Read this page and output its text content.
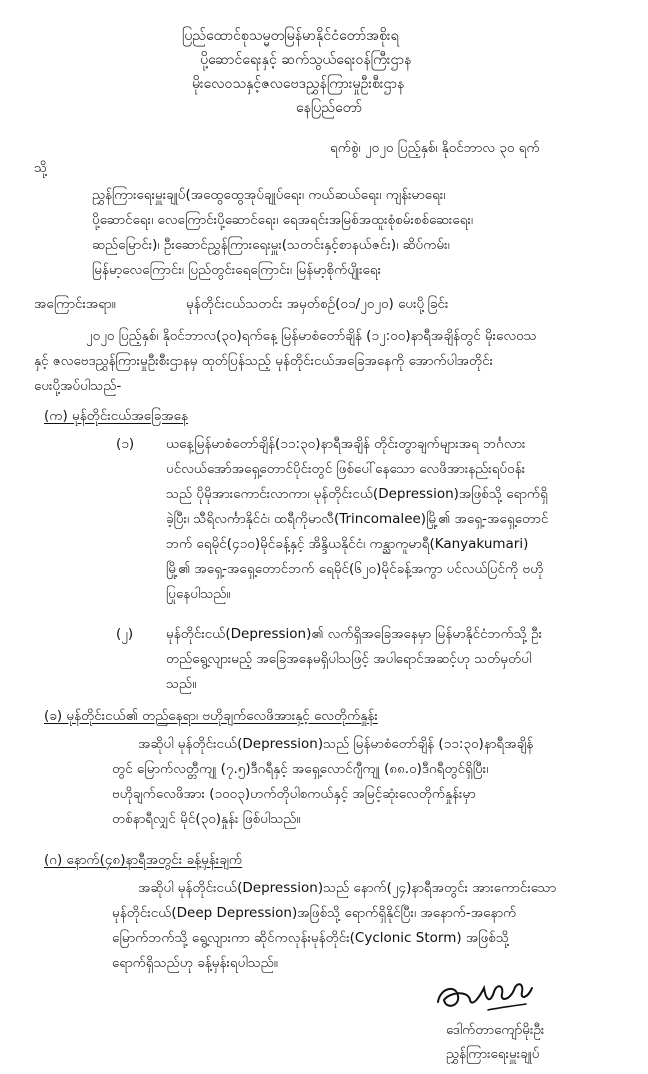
ပြည်ထောင်စုသမ္မတမြန်မာနိုင်ငံတော်အစိုးရ
ပို့ဆောင်ရေးနှင့် ဆက်သွယ်ရေးဝန်ကြီးဌာန
မိုးလေဝသနှင့်ဇလဗေဒညွှန်ကြားမှုဦးစီးဌာန
နေပြည်တော်
ရက်စွဲ၊ ၂၀၂၀ ပြည့်နှစ်၊ နိုဝင်ဘာလ ၃၀ ရက်
သို့
ညွှန်ကြားရေးမှူးချုပ်(အထွေထွေအုပ်ချုပ်ရေး၊ ကယ်ဆယ်ရေး၊ ကျန်းမာရေး၊
ပို့ဆောင်ရေး၊ လေကြောင်းပို့ဆောင်ရေး၊ ရေအရင်းအမြစ်အထူးစုံစမ်းစစ်ဆေးရေး၊
ဆည်မြောင်း)၊ ဦးဆောင်ညွှန်ကြားရေးမှူး(သတင်းနှင့်စာနယ်ဇင်း)၊ ဆိပ်ကမ်း၊
မြန်မာ့လေကြောင်း၊ ပြည်တွင်းရေကြောင်း၊ မြန်မာ့စိုက်ပျိုးရေး
အကြောင်းအရာ။	မုန်တိုင်းငယ်သတင်း အမှတ်စဉ်(၀၁/၂၀၂၀) ပေးပို့ခြင်း
၂၀၂၀ ပြည့်နှစ်၊ နိုဝင်ဘာလ(၃၀)ရက်နေ့ မြန်မာစံတော်ချိန် (၁၂:၀၀)နာရီအချိန်တွင် မိုးလေဝသ
နှင့် ဇလဗေဒညွှန်ကြားမှုဦးစီးဌာနမှ ထုတ်ပြန်သည့် မုန်တိုင်းငယ်အခြေအနေကို အောက်ပါအတိုင်း
ပေးပို့အပ်ပါသည်-
(က) မုန်တိုင်းငယ်အခြေအနေ
(၁) ယနေ့မြန်မာစံတော်ချိန်(၁၁:၃၀)နာရီအချိန် တိုင်းတွာချက်များအရ ဘင်္ဂလား
ပင်လယ်အော်အရှေ့တောင်ပိုင်းတွင် ဖြစ်ပေါ်နေသော လေဖိအားနည်းရပ်ဝန်း
သည် ပိုမိုအားကောင်းလာကာ၊ မုန်တိုင်းငယ်(Depression)အဖြစ်သို့ ရောက်ရှိ
ခဲ့ပြီး၊ သီရိလင်္ကာနိုင်ငံ၊ ထရီကိုမာလီ(Trincomalee)မြို့၏ အရှေ့-အရှေ့တောင်
ဘက် ရေမိုင်(၄၁၀)မိုင်ခန့်နှင့် အိန္ဒိယနိုင်ငံ၊ ကန္ညာကူမာရီ(Kanyakumari)
မြို့၏ အရှေ့-အရှေ့တောင်ဘက် ရေမိုင်(၆၂၀)မိုင်ခန့်အကွာ ပင်လယ်ပြင်ကို ဗဟို
ပြုနေပါသည်။
(၂) မုန်တိုင်းငယ်(Depression)၏ လက်ရှိအခြေအနေမှာ မြန်မာနိုင်ငံဘက်သို့ ဦး
တည်ရွေ့လျားမည့် အခြေအနေမရှိပါသဖြင့် အပါရောင်အဆင့်ဟု သတ်မှတ်ပါ
သည်။
(ခ) မုန်တိုင်းငယ်၏ တည်နေရာ၊ ဗဟိုချက်လေဖိအားနှင့် လေတိုက်နှုန်း
အဆိုပါ မုန်တိုင်းငယ်(Depression)သည် မြန်မာစံတော်ချိန် (၁၁:၃၀)နာရီအချိန်
တွင် မြောက်လတ္တီကျု (၇.၅)ဒီဂရီနှင့် အရှေ့လောင်ဂျီကျု (၈၈.၀)ဒီဂရီတွင်ရှိပြီး၊
ဗဟိုချက်လေဖိအား (၁၀၀၃)ဟက်တိုပါစကယ်နှင့် အမြင့်ဆုံးလေတိုက်နှုန်းမှာ
တစ်နာရီလျှင် မိုင်(၃၀)နှုန်း ဖြစ်ပါသည်။
(ဂ) နောက်(၄၈)နာရီအတွင်း ခန့်မှန်းချက်
အဆိုပါ မုန်တိုင်းငယ်(Depression)သည် နောက်(၂၄)နာရီအတွင်း အားကောင်းသော
မုန်တိုင်းငယ်(Deep Depression)အဖြစ်သို့ ရောက်ရှိနိုင်ပြီး၊ အနောက်-အနောက်
မြောက်ဘက်သို့ ရွေ့လျားကာ ဆိုင်ကလုန်းမုန်တိုင်း(Cyclonic Storm) အဖြစ်သို့
ရောက်ရှိသည်ဟု ခန့်မှန်းရပါသည်။
ဒေါက်တာကျော်မိုးဦး
ညွှန်ကြားရေးမှူးချုပ်
